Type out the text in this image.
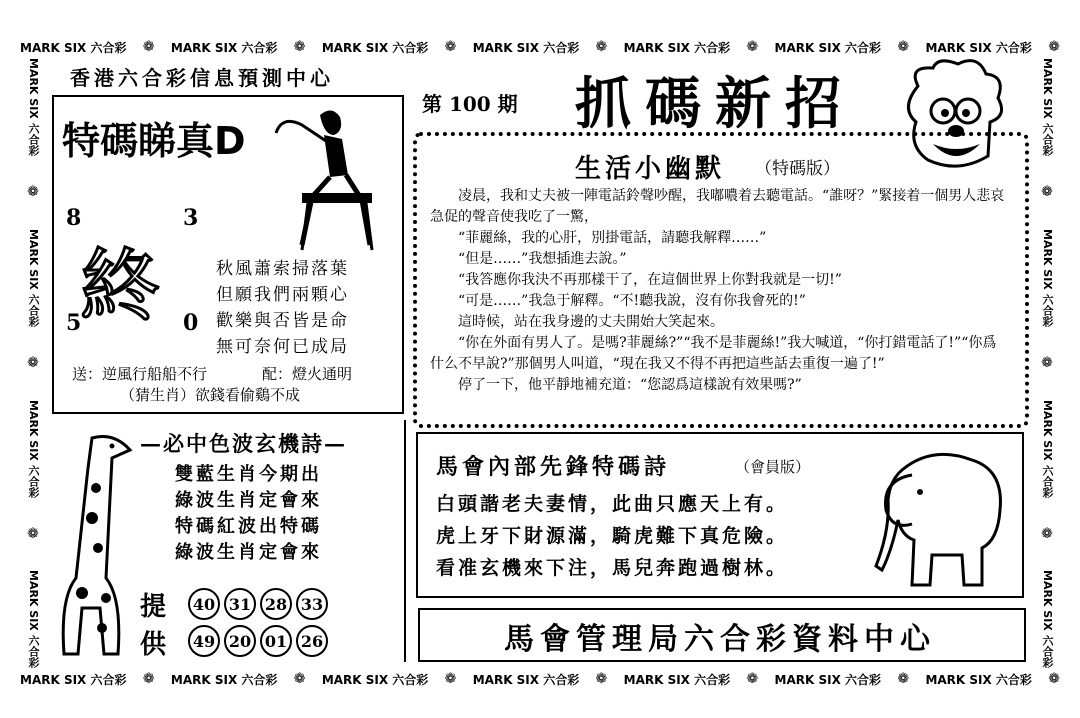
MARK SIX 六合彩 ❁ MARK SIX 六合彩 ❁ MARK SIX 六合彩 ❁ MARK SIX 六合彩 ❁ MARK SIX 六合彩 ❁ MARK SIX 六合彩 ❁ MARK SIX 六合彩 ❁
MARK SIX 六合彩 ❁ MARK SIX 六合彩 ❁ MARK SIX 六合彩 ❁ MARK SIX 六合彩 ❁ MARK SIX 六合彩 ❁ MARK SIX 六合彩 ❁ MARK SIX 六合彩 ❁
MARK SIX 六合彩
❁
MARK SIX 六合彩
❁
MARK SIX 六合彩
❁
MARK SIX 六合彩
MARK SIX 六合彩
❁
MARK SIX 六合彩
❁
MARK SIX 六合彩
❁
MARK SIX 六合彩
香港六合彩信息預測中心
第 100 期 抓碼新招
特碼睇真D
8	3
5	0
終	秋風蕭索掃落葉
但願我們兩顆心
歡樂與否皆是命
無可奈何已成局
送：逆風行船船不行	配：燈火通明
（猜生肖）欲錢看偷鷄不成
生活小幽默 （特碼版）

凌晨，我和丈夫被一陣電話鈴聲吵醒，我嘟噥着去聽電話。“誰呀？”緊接着一個男人悲哀急促的聲音使我吃了一驚，

“菲麗絲，我的心肝，別掛電話，請聽我解釋……”

“但是……”我想插進去說。”

“我答應你我決不再那樣干了，在這個世界上你對我就是一切!”

“可是……”我急于解釋。“不!聽我說，沒有你我會死的!”

這時候，站在我身邊的丈夫開始大笑起來。

“你在外面有男人了。是嗎?菲麗絲?”“我不是菲麗絲!”我大喊道，“你打錯電話了!”“你爲什么不早說?”那個男人叫道，“現在我又不得不再把這些話去重復一遍了!”

停了一下，他平靜地補充道：“您認爲這樣說有效果嗎?”

—必中色波玄機詩—
雙藍生肖今期出
綠波生肖定會來
特碼紅波出特碼
綠波生肖定會來
提
供
40 31 28 33
49 20 01 26
馬會內部先鋒特碼詩	（會員版）
白頭諧老夫妻情，此曲只應天上有。
虎上牙下財源滿，騎虎難下真危險。
看准玄機來下注，馬兒奔跑過樹林。
馬會管理局六合彩資料中心
